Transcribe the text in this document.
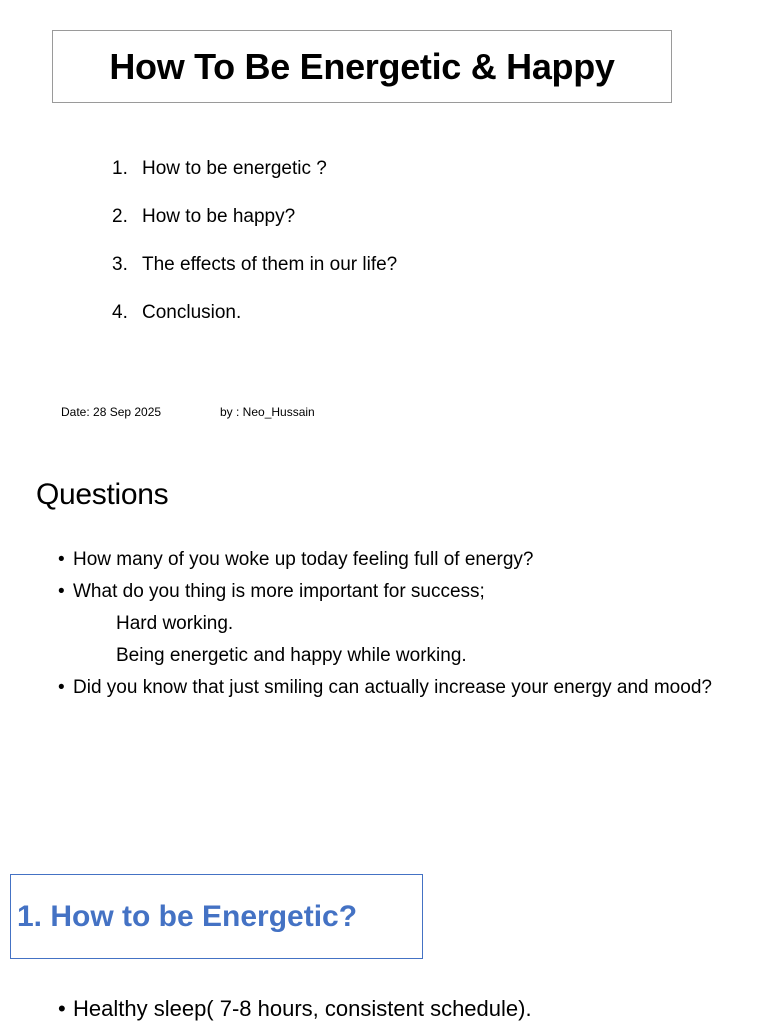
How To Be Energetic & Happy
1. How to be energetic ?
2. How to be happy?
3. The effects of them in our life?
4. Conclusion.
Date: 28 Sep 2025	by : Neo_Hussain
Questions
• How many of you woke up today feeling full of energy?
• What do you thing is more important for success;
Hard working.
Being energetic and happy while working.
• Did you know that just smiling can actually increase your energy and mood?
1. How to be Energetic?
• Healthy sleep( 7-8 hours, consistent schedule).
